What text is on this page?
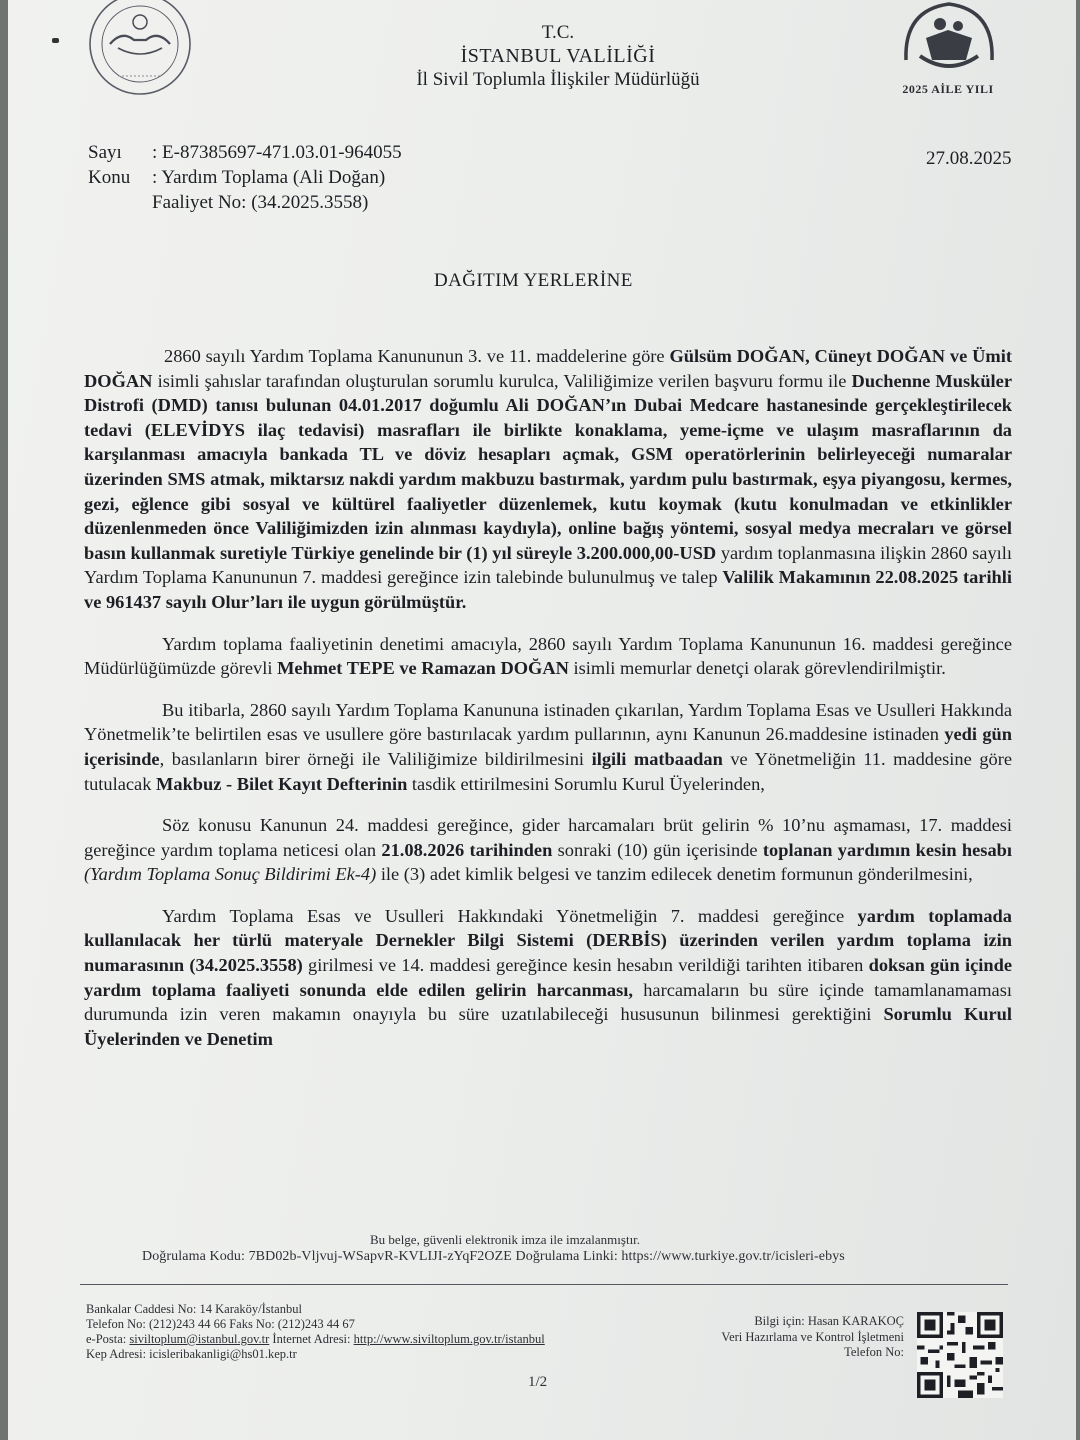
2025 AİLE YILI
T.C.
İSTANBUL VALİLİĞİ
İl Sivil Toplumla İlişkiler Müdürlüğü
Sayı	: E-87385697-471.03.01-964055
Konu	: Yardım Toplama (Ali Doğan)
Faaliyet No: (34.2025.3558)
27.08.2025
DAĞITIM YERLERİNE

2860 sayılı Yardım Toplama Kanununun 3. ve 11. maddelerine göre Gülsüm DOĞAN, Cüneyt DOĞAN ve Ümit DOĞAN isimli şahıslar tarafından oluşturulan sorumlu kurulca, Valiliğimize verilen başvuru formu ile Duchenne Musküler Distrofi (DMD) tanısı bulunan 04.01.2017 doğumlu Ali DOĞAN’ın Dubai Medcare hastanesinde gerçekleştirilecek tedavi (ELEVİDYS ilaç tedavisi) masrafları ile birlikte konaklama, yeme-içme ve ulaşım masraflarının da karşılanması amacıyla bankada TL ve döviz hesapları açmak, GSM operatörlerinin belirleyeceği numaralar üzerinden SMS atmak, miktarsız nakdi yardım makbuzu bastırmak, yardım pulu bastırmak, eşya piyangosu, kermes, gezi, eğlence gibi sosyal ve kültürel faaliyetler düzenlemek, kutu koymak (kutu konulmadan ve etkinlikler düzenlenmeden önce Valiliğimizden izin alınması kaydıyla), online bağış yöntemi, sosyal medya mecraları ve görsel basın kullanmak suretiyle Türkiye genelinde bir (1) yıl süreyle 3.200.000,00-USD yardım toplanmasına ilişkin 2860 sayılı Yardım Toplama Kanununun 7. maddesi gereğince izin talebinde bulunulmuş ve talep Valilik Makamının 22.08.2025 tarihli ve 961437 sayılı Olur’ları ile uygun görülmüştür.

Yardım toplama faaliyetinin denetimi amacıyla, 2860 sayılı Yardım Toplama Kanununun 16. maddesi gereğince Müdürlüğümüzde görevli Mehmet TEPE ve Ramazan DOĞAN isimli memurlar denetçi olarak görevlendirilmiştir.

Bu itibarla, 2860 sayılı Yardım Toplama Kanununa istinaden çıkarılan, Yardım Toplama Esas ve Usulleri Hakkında Yönetmelik’te belirtilen esas ve usullere göre bastırılacak yardım pullarının, aynı Kanunun 26.maddesine istinaden yedi gün içerisinde, basılanların birer örneği ile Valiliğimize bildirilmesini ilgili matbaadan ve Yönetmeliğin 11. maddesine göre tutulacak Makbuz - Bilet Kayıt Defterinin tasdik ettirilmesini Sorumlu Kurul Üyelerinden,

Söz konusu Kanunun 24. maddesi gereğince, gider harcamaları brüt gelirin % 10’nu aşmaması, 17. maddesi gereğince yardım toplama neticesi olan 21.08.2026 tarihinden sonraki (10) gün içerisinde toplanan yardımın kesin hesabı (Yardım Toplama Sonuç Bildirimi Ek-4) ile (3) adet kimlik belgesi ve tanzim edilecek denetim formunun gönderilmesini,

Yardım Toplama Esas ve Usulleri Hakkındaki Yönetmeliğin 7. maddesi gereğince yardım toplamada kullanılacak her türlü materyale Dernekler Bilgi Sistemi (DERBİS) üzerinden verilen yardım toplama izin numarasının (34.2025.3558) girilmesi ve 14. maddesi gereğince kesin hesabın verildiği tarihten itibaren doksan gün içinde yardım toplama faaliyeti sonunda elde edilen gelirin harcanması, harcamaların bu süre içinde tamamlanamaması durumunda izin veren makamın onayıyla bu süre uzatılabileceği hususunun bilinmesi gerektiğini Sorumlu Kurul Üyelerinden ve Denetim

Bu belge, güvenli elektronik imza ile imzalanmıştır.
Doğrulama Kodu: 7BD02b-Vljvuj-WSapvR-KVLIJI-zYqF2OZE Doğrulama Linki: https://www.turkiye.gov.tr/icisleri-ebys
Bankalar Caddesi No: 14 Karaköy/İstanbul
Telefon No: (212)243 44 66 Faks No: (212)243 44 67
e-Posta: siviltoplum@istanbul.gov.tr İnternet Adresi: http://www.siviltoplum.gov.tr/istanbul
Kep Adresi: icisleribakanligi@hs01.kep.tr
Bilgi için: Hasan KARAKOÇ
Veri Hazırlama ve Kontrol İşletmeni
Telefon No:
1/2
